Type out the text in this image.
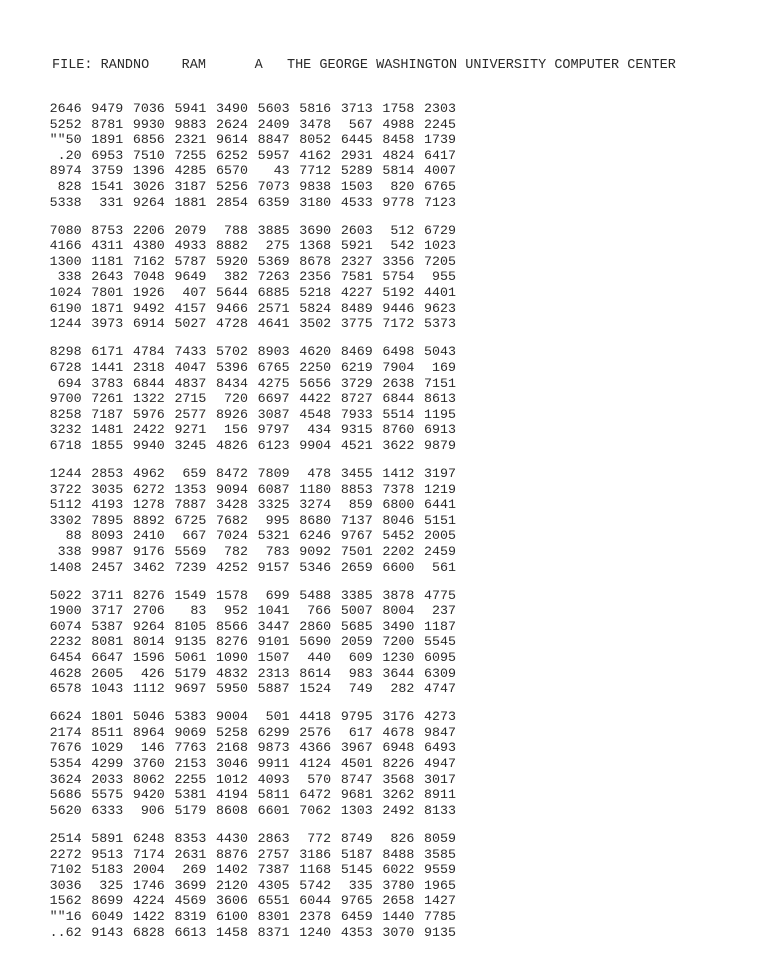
FILE: RANDNO RAM	A THE GEORGE WASHINGTON UNIVERSITY COMPUTER CENTER
2646 9479 7036 5941 3490 5603 5816 3713 1758 2303
5252 8781 9930 9883 2624 2409 3478	567 4988 2245
""50 1891 6856 2321 9614 8847 8052 6445 8458 1739
.20 6953 7510 7255 6252 5957 4162 2931 4824 6417
8974 3759 1396 4285 6570	43 7712 5289 5814 4007
828 1541 3026 3187 5256 7073 9838 1503	820 6765
5338	331 9264 1881 2854 6359 3180 4533 9778 7123
7080 8753 2206 2079	788 3885 3690 2603	512 6729
4166 4311 4380 4933 8882	275 1368 5921	542 1023
1300 1181 7162 5787 5920 5369 8678 2327 3356 7205
338 2643 7048 9649	382 7263 2356 7581 5754	955
1024 7801 1926	407 5644 6885 5218 4227 5192 4401
6190 1871 9492 4157 9466 2571 5824 8489 9446 9623
1244 3973 6914 5027 4728 4641 3502 3775 7172 5373
8298 6171 4784 7433 5702 8903 4620 8469 6498 5043
6728 1441 2318 4047 5396 6765 2250 6219 7904	169
694 3783 6844 4837 8434 4275 5656 3729 2638 7151
9700 7261 1322 2715	720 6697 4422 8727 6844 8613
8258 7187 5976 2577 8926 3087 4548 7933 5514 1195
3232 1481 2422 9271	156 9797	434 9315 8760 6913
6718 1855 9940 3245 4826 6123 9904 4521 3622 9879
1244 2853 4962	659 8472 7809	478 3455 1412 3197
3722 3035 6272 1353 9094 6087 1180 8853 7378 1219
5112 4193 1278 7887 3428 3325 3274	859 6800 6441
3302 7895 8892 6725 7682	995 8680 7137 8046 5151
88 8093 2410	667 7024 5321 6246 9767 5452 2005
338 9987 9176 5569	782	783 9092 7501 2202 2459
1408 2457 3462 7239 4252 9157 5346 2659 6600	561
5022 3711 8276 1549 1578	699 5488 3385 3878 4775
1900 3717 2706	83	952 1041	766 5007 8004	237
6074 5387 9264 8105 8566 3447 2860 5685 3490 1187
2232 8081 8014 9135 8276 9101 5690 2059 7200 5545
6454 6647 1596 5061 1090 1507	440	609 1230 6095
4628 2605	426 5179 4832 2313 8614	983 3644 6309
6578 1043 1112 9697 5950 5887 1524	749	282 4747
6624 1801 5046 5383 9004	501 4418 9795 3176 4273
2174 8511 8964 9069 5258 6299 2576	617 4678 9847
7676 1029	146 7763 2168 9873 4366 3967 6948 6493
5354 4299 3760 2153 3046 9911 4124 4501 8226 4947
3624 2033 8062 2255 1012 4093	570 8747 3568 3017
5686 5575 9420 5381 4194 5811 6472 9681 3262 8911
5620 6333	906 5179 8608 6601 7062 1303 2492 8133
2514 5891 6248 8353 4430 2863	772 8749	826 8059
2272 9513 7174 2631 8876 2757 3186 5187 8488 3585
7102 5183 2004	269 1402 7387 1168 5145 6022 9559
3036	325 1746 3699 2120 4305 5742	335 3780 1965
1562 8699 4224 4569 3606 6551 6044 9765 2658 1427
""16 6049 1422 8319 6100 8301 2378 6459 1440 7785
..62 9143 6828 6613 1458 8371 1240 4353 3070 9135
